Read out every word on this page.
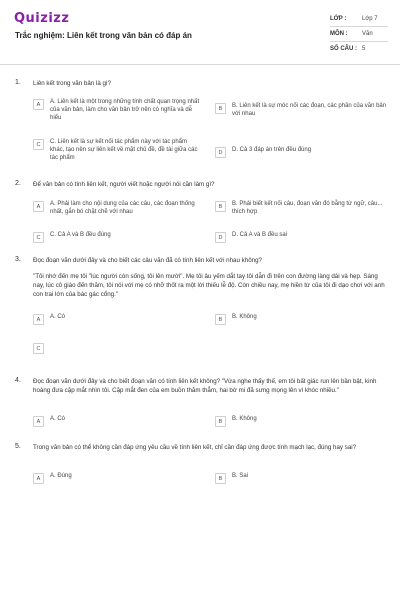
Quizizz
Trắc nghiệm: Liên kết trong văn bản có đáp án
LỚP :	Lớp 7
MÔN :	Văn
SỐ CÂU : 5
1. Liên kết trong văn bản là gì?
A	A. Liên kết là một trong những tính chất quan trọng nhất của văn bản, làm cho văn bản trở nên có nghĩa và dễ hiểu
B	B. Liên kết là sự móc nối các đoạn, các phần của văn bản với nhau
C	C. Liên kết là sự kết nối tác phẩm này với tác phẩm khác, tạo nên sự liên kết về mặt chủ đề, đề tài giữa các tác phẩm
D	D. Cả 3 đáp án trên đều đúng
2. Để văn bản có tính liên kết, người viết hoặc người nói cần làm gì?
A	A. Phải làm cho nội dung của các câu, các đoạn thống nhất, gắn bó chặt chẽ với nhau
B	B. Phải biết kết nối câu, đoạn văn đó bằng từ ngữ, câu... thích hợp
C	C. Cả A và B đều đúng	D	D. Cả A và B đều sai
3. Đọc đoạn văn dưới đây và cho biết các câu văn đã có tính liên kết với nhau không?
"Tôi nhớ đến mẹ tôi "lúc người còn sống, tôi lên mười". Mẹ tôi âu yếm dắt tay tôi dẫn đi trên con đường làng dài và hẹp. Sáng nay, lúc cô giáo đến thăm, tôi nói với mẹ có nhỡ thốt ra một lời thiếu lễ độ. Còn chiều nay, mẹ hiền từ của tôi đi dạo chơi với anh con trai lớn của bác gác cổng."
A	A. Có	B	B. Không
C
4. Đọc đoạn văn dưới đây và cho biết đoạn văn có tính liên kết không? "Vừa nghe thấy thế, em tôi bất giác run lên bần bật, kinh hoàng đưa cặp mắt nhìn tôi. Cặp mắt đen của em buồn thăm thẳm, hai bờ mi đã sưng mọng lên vì khóc nhiều."
A	A. Có	B	B. Không
5. Trong văn bản có thể không cần đáp ứng yêu cầu về tính liên kết, chỉ cần đáp ứng được tính mạch lạc, đúng hay sai?
A	A. Đúng	B	B. Sai
